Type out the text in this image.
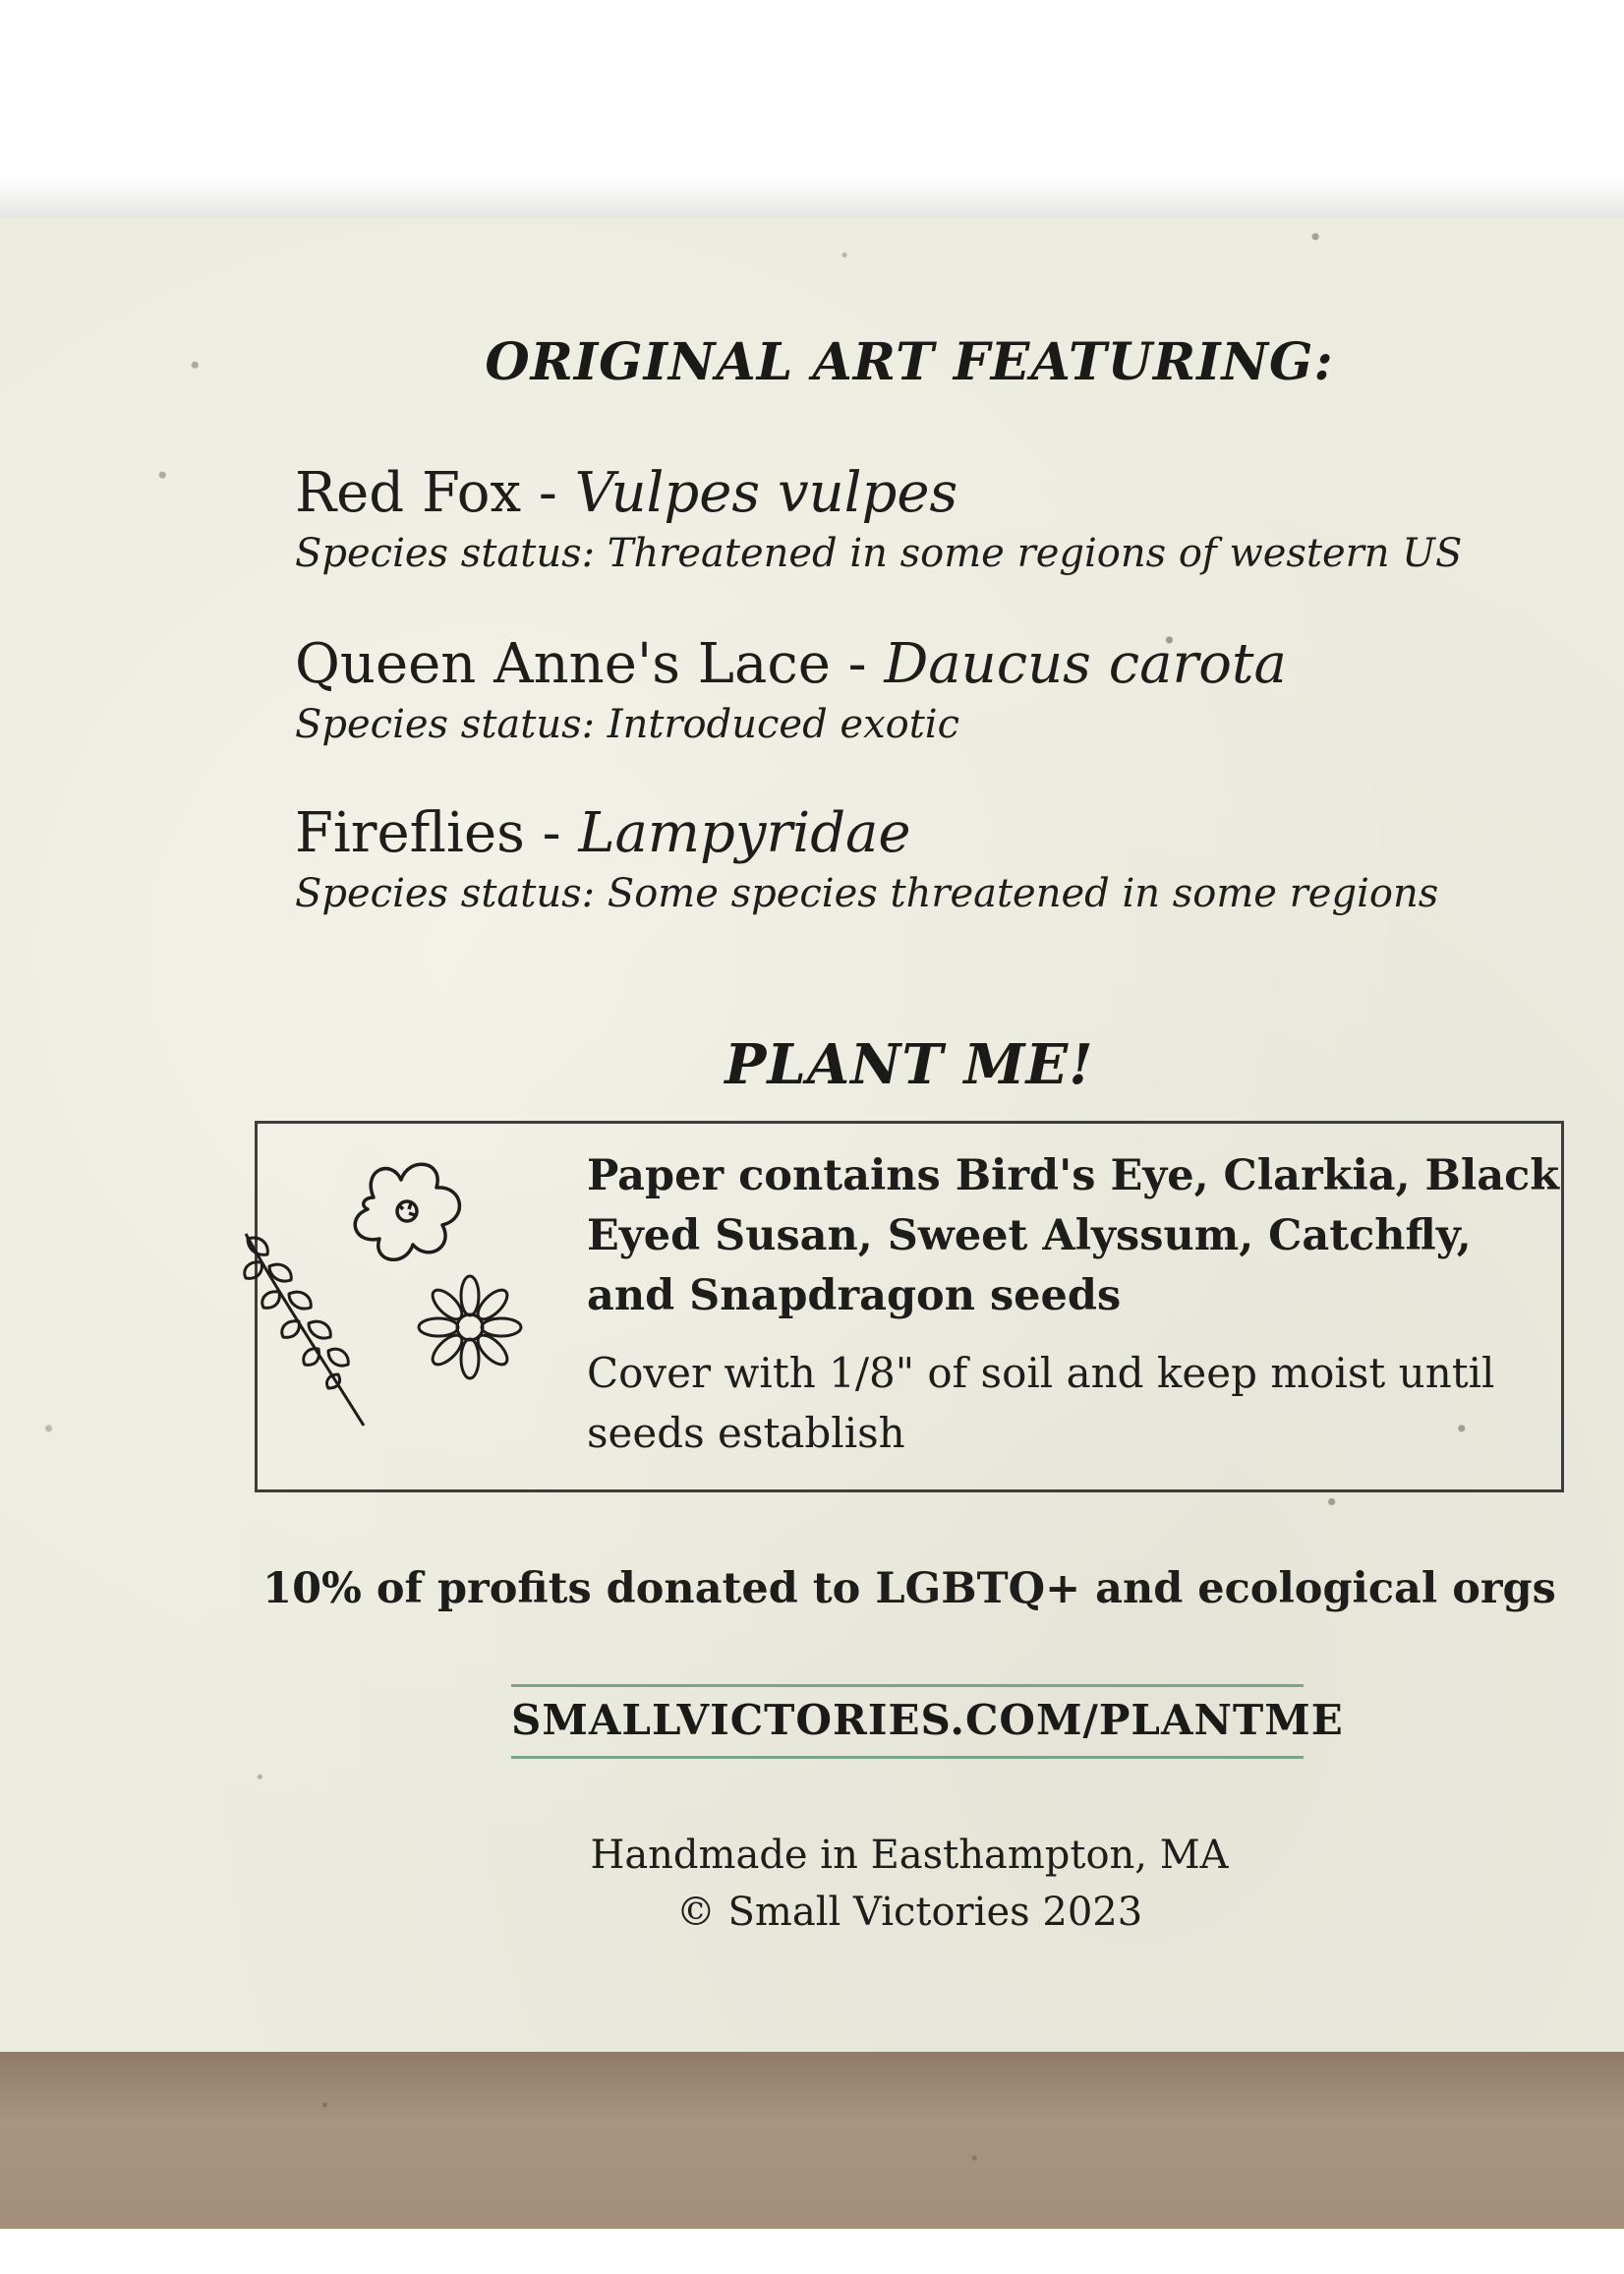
ORIGINAL ART FEATURING:
Red Fox - Vulpes vulpes
Species status: Threatened in some regions of western US
Queen Anne's Lace - Daucus carota
Species status: Introduced exotic
Fireflies - Lampyridae
Species status: Some species threatened in some regions
PLANT ME!
Paper contains Bird's Eye, Clarkia, Black Eyed Susan, Sweet Alyssum, Catchfly, and Snapdragon seeds
Cover with 1/8" of soil and keep moist until seeds establish
10% of profits donated to LGBTQ+ and ecological orgs
SMALLVICTORIES.COM/PLANTME
Handmade in Easthampton, MA
© Small Victories 2023
